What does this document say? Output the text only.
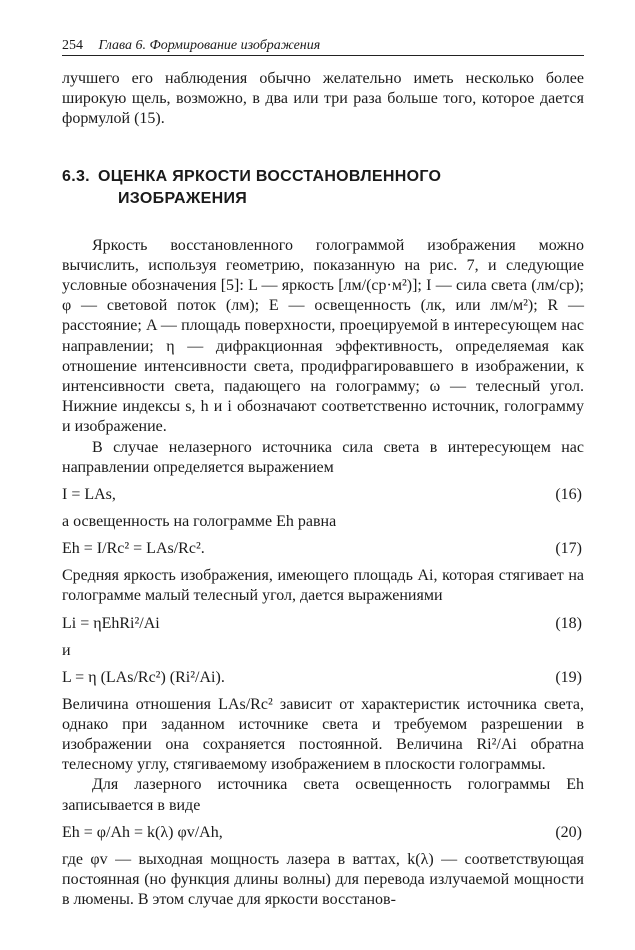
254 Глава 6. Формирование изображения

лучшего его наблюдения обычно желательно иметь несколько более широкую щель, возможно, в два или три раза больше того, которое дается формулой (15).

6.3. ОЦЕНКА ЯРКОСТИ ВОССТАНОВЛЕННОГО
ИЗОБРАЖЕНИЯ

Яркость восстановленного голограммой изображения можно вычислить, используя геометрию, показанную на рис. 7, и следующие условные обозначения [5]: L — яркость [лм/(ср·м²)]; I — сила света (лм/ср); φ — световой поток (лм); E — освещенность (лк, или лм/м²); R — расстояние; A — площадь поверхности, проецируемой в интересующем нас направлении; η — дифракционная эффективность, определяемая как отношение интенсивности света, продифрагировавшего в изображении, к интенсивности света, падающего на голограмму; ω — телесный угол. Нижние индексы s, h и i обозначают соответственно источник, голограмму и изображение.

В случае нелазерного источника сила света в интересующем нас направлении определяется выражением

I = LAs,	(16)

а освещенность на голограмме Eh равна

Eh = I/Rc² = LAs/Rc².	(17)

Средняя яркость изображения, имеющего площадь Ai, которая стягивает на голограмме малый телесный угол, дается выражениями

Li = ηEhRi²/Ai	(18)
и
L = η (LAs/Rc²) (Ri²/Ai).	(19)

Величина отношения LAs/Rc² зависит от характеристик источника света, однако при заданном источнике света и требуемом разрешении в изображении она сохраняется постоянной. Величина Ri²/Ai обратна телесному углу, стягиваемому изображением в плоскости голограммы.

Для лазерного источника света освещенность голограммы Eh записывается в виде

Eh = φ/Ah = k(λ) φv/Ah,	(20)

где φv — выходная мощность лазера в ваттах, k(λ) — соответствующая постоянная (но функция длины волны) для перевода излучаемой мощности в люмены. В этом случае для яркости восстанов-
